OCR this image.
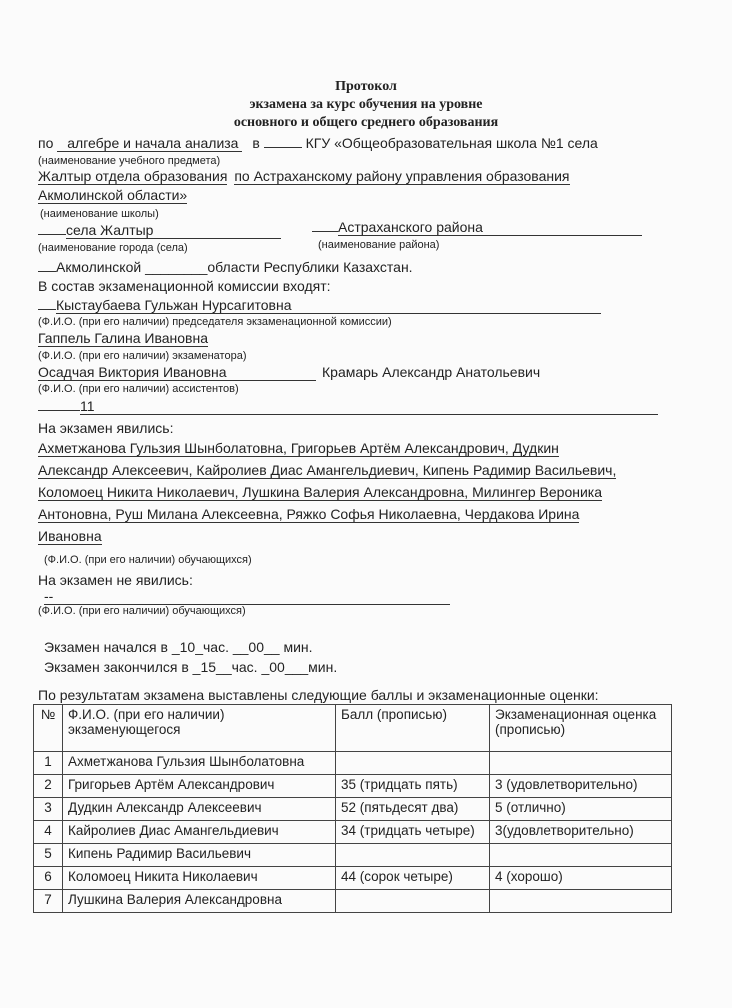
Протокол
экзамена за курс обучения на уровне
основного и общего среднего образования
по алгебре и начала анализа в	КГУ «Общеобразовательная школа №1 села
(наименование учебного предмета)
Жалтыр отдела образования по Астраханскому району управления образования
Акмолинской области»
(наименование школы)
села Жалтыр	Астраханского района
(наименование города (села)	(наименование района)
Акмолинской ________области Республики Казахстан.
В состав экзаменационной комиссии входят:
Кыстаубаева Гульжан Нурсагитовна
(Ф.И.О. (при его наличии) председателя экзаменационной комиссии)
Гаппель Галина Ивановна
(Ф.И.О. (при его наличии) экзаменатора)
Осадчая Виктория Ивановна	Крамарь Александр Анатольевич
(Ф.И.О. (при его наличии) ассистентов)
11
На экзамен явились:
Ахметжанова Гульзия Шынболатовна, Григорьев Артём Александрович, Дудкин
Александр Алексеевич, Кайролиев Диас Амангельдиевич, Кипень Радимир Васильевич,
Коломоец Никита Николаевич, Лушкина Валерия Александровна, Милингер Вероника
Антоновна, Руш Милана Алексеевна, Ряжко Софья Николаевна, Чердакова Ирина
Ивановна
(Ф.И.О. (при его наличии) обучающихся)
На экзамен не явились:
--
(Ф.И.О. (при его наличии) обучающихся)
Экзамен начался в _10_час. __00__ мин.
Экзамен закончился в _15__час. _00___мин.
По результатам экзамена выставлены следующие баллы и экзаменационные оценки:
№	Ф.И.О. (при его наличии) экзаменующегося	Балл (прописью)	Экзаменационная оценка (прописью)
1	Ахметжанова Гульзия Шынболатовна		
2	Григорьев Артём Александрович	35 (тридцать пять)	3 (удовлетворительно)
3	Дудкин Александр Алексеевич	52 (пятьдесят два)	5 (отлично)
4	Кайролиев Диас Амангельдиевич	34 (тридцать четыре)	3(удовлетворительно)
5	Кипень Радимир Васильевич		
6	Коломоец Никита Николаевич	44 (сорок четыре)	4 (хорошо)
7	Лушкина Валерия Александровна		
